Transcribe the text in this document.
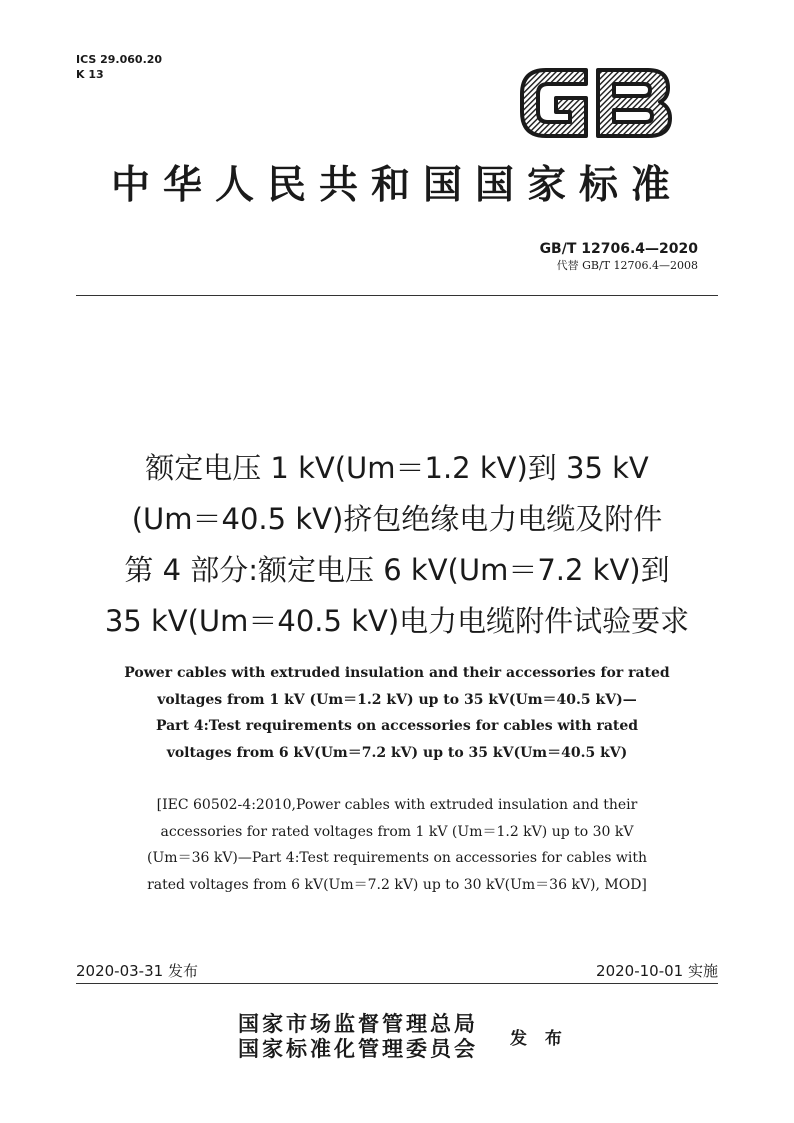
ICS 29.060.20
K 13
中华人民共和国国家标准
GB/T 12706.4—2020
代替 GB/T 12706.4—2008
额定电压 1 kV(Um＝1.2 kV)到 35 kV
(Um＝40.5 kV)挤包绝缘电力电缆及附件
第 4 部分:额定电压 6 kV(Um＝7.2 kV)到
35 kV(Um＝40.5 kV)电力电缆附件试验要求
Power cables with extruded insulation and their accessories for rated
voltages from 1 kV (Um＝1.2 kV) up to 35 kV(Um＝40.5 kV)—
Part 4:Test requirements on accessories for cables with rated
voltages from 6 kV(Um＝7.2 kV) up to 35 kV(Um＝40.5 kV)
[IEC 60502-4:2010,Power cables with extruded insulation and their
accessories for rated voltages from 1 kV (Um＝1.2 kV) up to 30 kV
(Um＝36 kV)—Part 4:Test requirements on accessories for cables with
rated voltages from 6 kV(Um＝7.2 kV) up to 30 kV(Um＝36 kV), MOD]
2020-03-31 发布	2020-10-01 实施
国家市场监督管理总局
国家标准化管理委员会 发 布
